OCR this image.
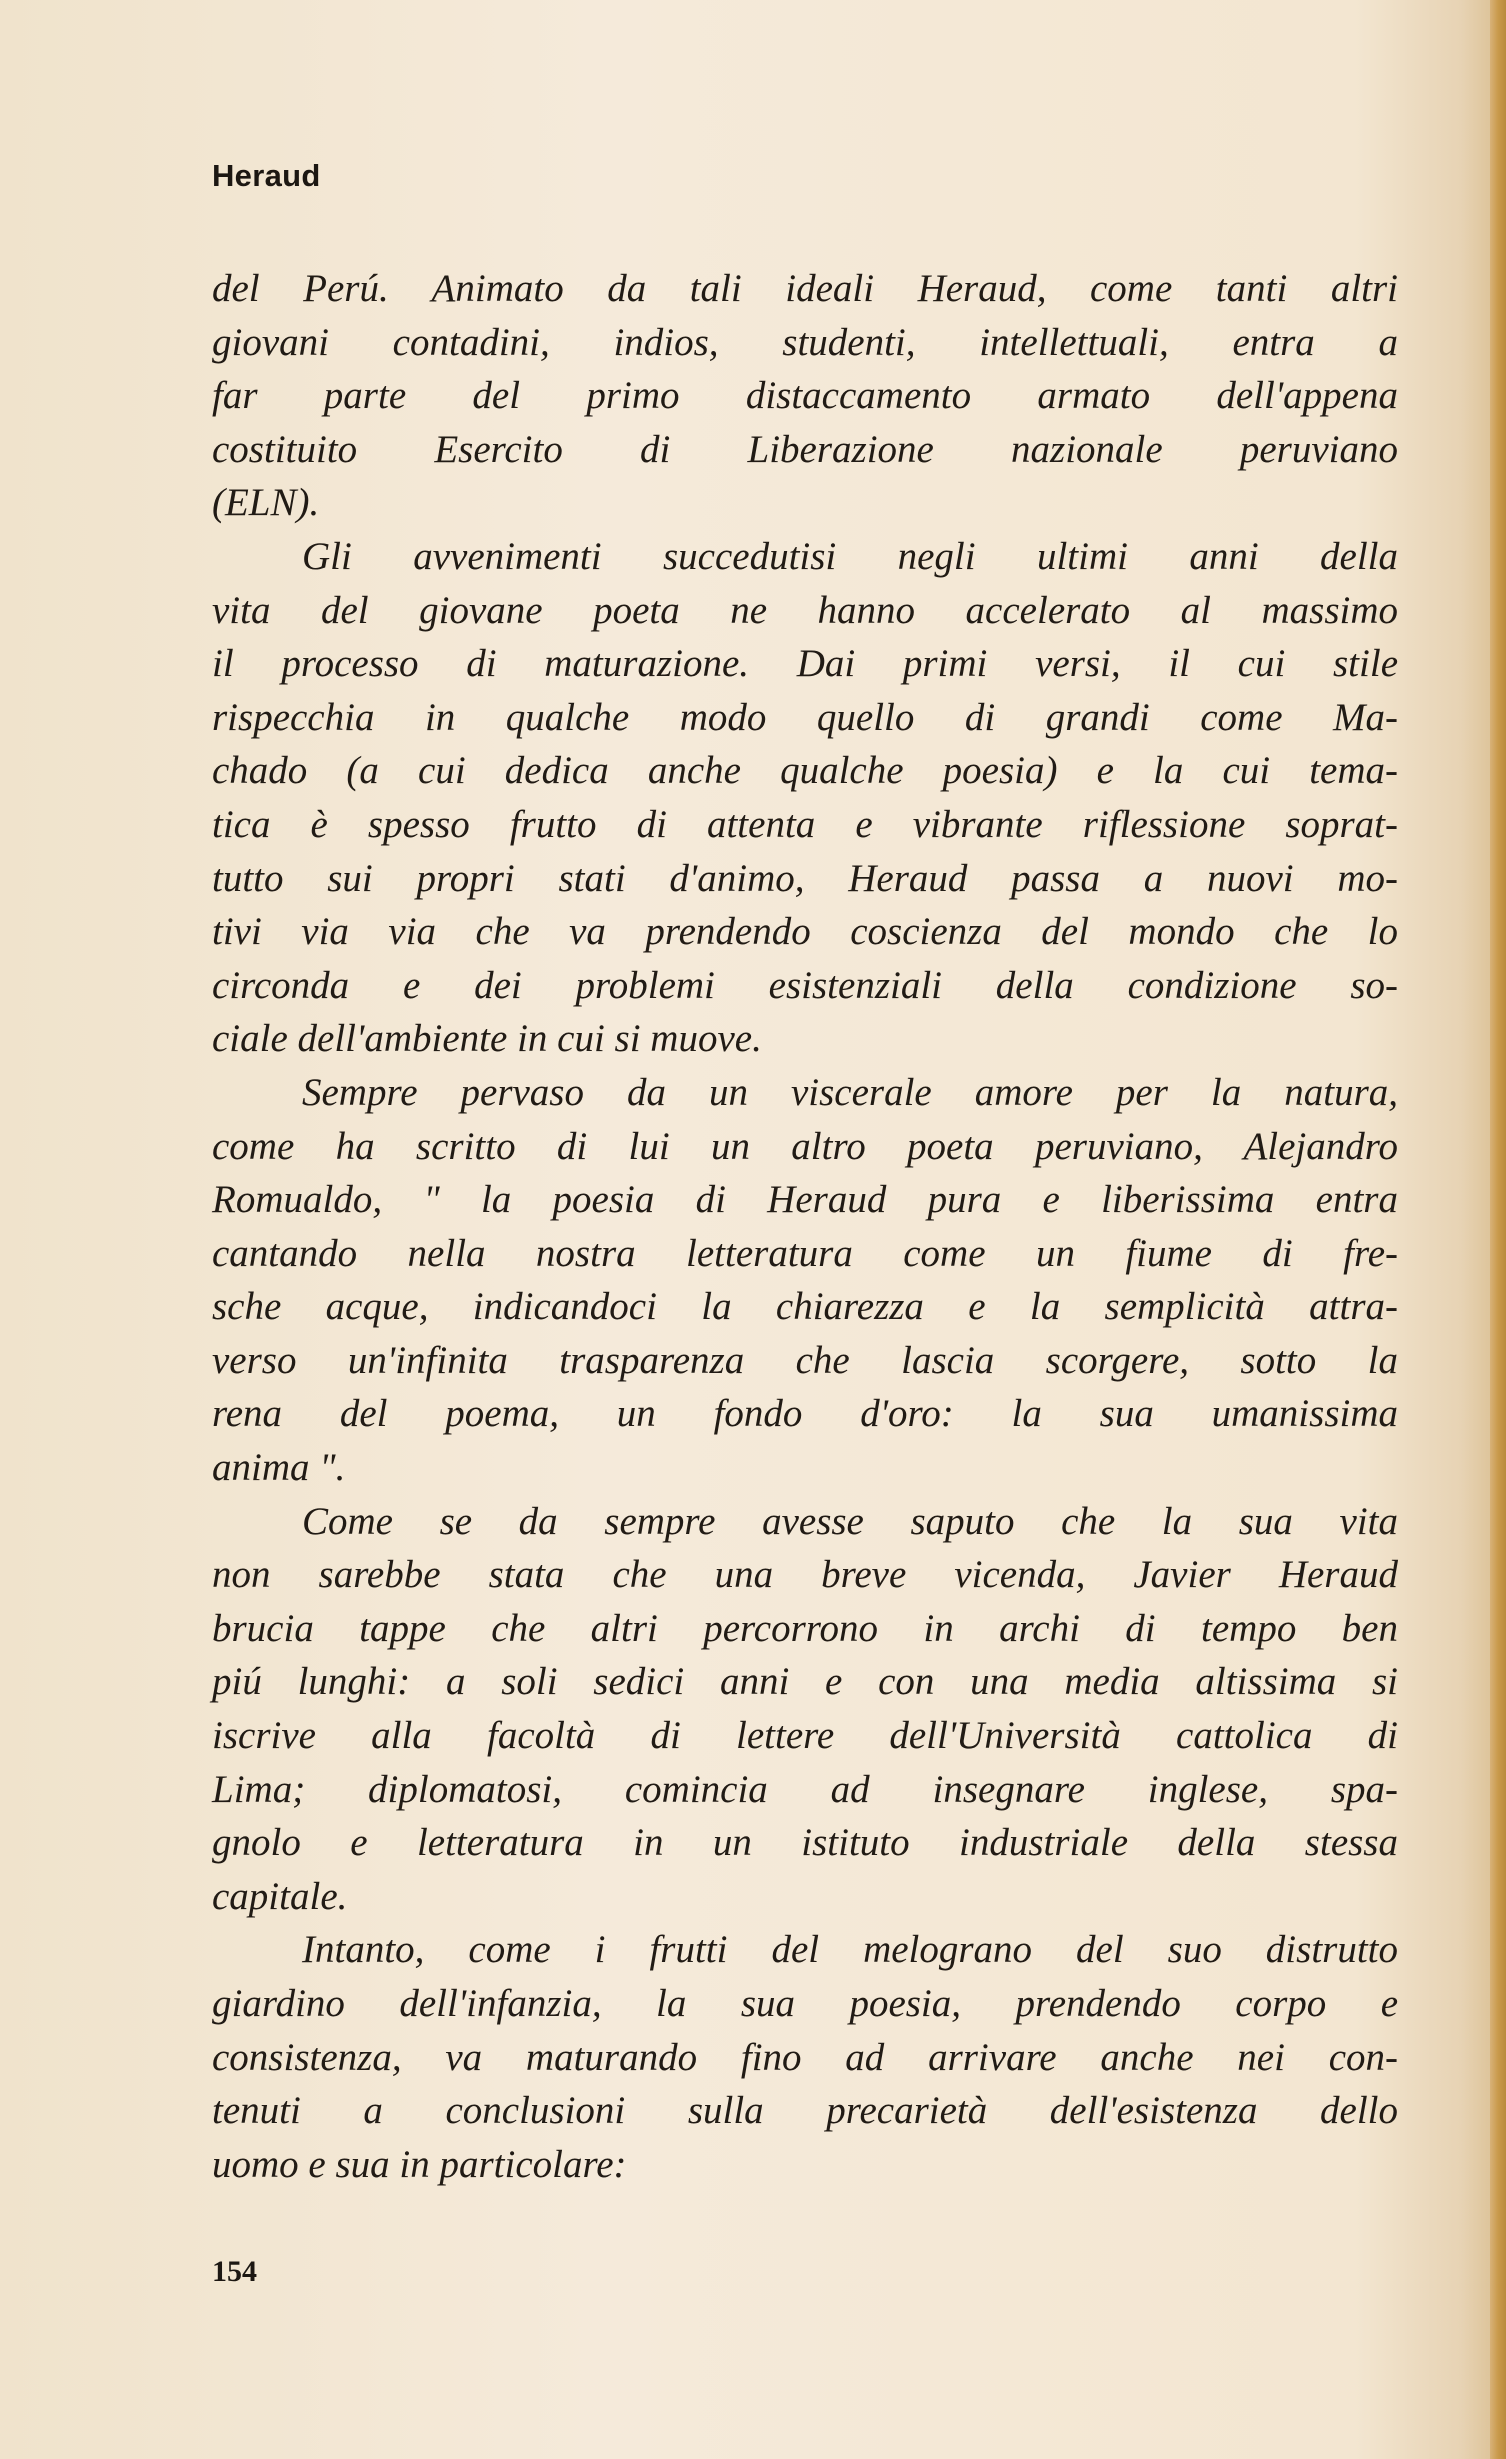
Heraud
del Perú. Animato da tali ideali Heraud, come tanti altri
giovani contadini, indios, studenti, intellettuali, entra a
far parte del primo distaccamento armato dell'appena
costituito Esercito di Liberazione nazionale peruviano
(ELN).
Gli avvenimenti succedutisi negli ultimi anni della
vita del giovane poeta ne hanno accelerato al massimo
il processo di maturazione. Dai primi versi, il cui stile
rispecchia in qualche modo quello di grandi come Ma-
chado (a cui dedica anche qualche poesia) e la cui tema-
tica è spesso frutto di attenta e vibrante riflessione soprat-
tutto sui propri stati d'animo, Heraud passa a nuovi mo-
tivi via via che va prendendo coscienza del mondo che lo
circonda e dei problemi esistenziali della condizione so-
ciale dell'ambiente in cui si muove.
Sempre pervaso da un viscerale amore per la natura,
come ha scritto di lui un altro poeta peruviano, Alejandro
Romualdo, " la poesia di Heraud pura e liberissima entra
cantando nella nostra letteratura come un fiume di fre-
sche acque, indicandoci la chiarezza e la semplicità attra-
verso un'infinita trasparenza che lascia scorgere, sotto la
rena del poema, un fondo d'oro: la sua umanissima
anima ".
Come se da sempre avesse saputo che la sua vita
non sarebbe stata che una breve vicenda, Javier Heraud
brucia tappe che altri percorrono in archi di tempo ben
piú lunghi: a soli sedici anni e con una media altissima si
iscrive alla facoltà di lettere dell'Università cattolica di
Lima; diplomatosi, comincia ad insegnare inglese, spa-
gnolo e letteratura in un istituto industriale della stessa
capitale.
Intanto, come i frutti del melograno del suo distrutto
giardino dell'infanzia, la sua poesia, prendendo corpo e
consistenza, va maturando fino ad arrivare anche nei con-
tenuti a conclusioni sulla precarietà dell'esistenza dello
uomo e sua in particolare:
154
